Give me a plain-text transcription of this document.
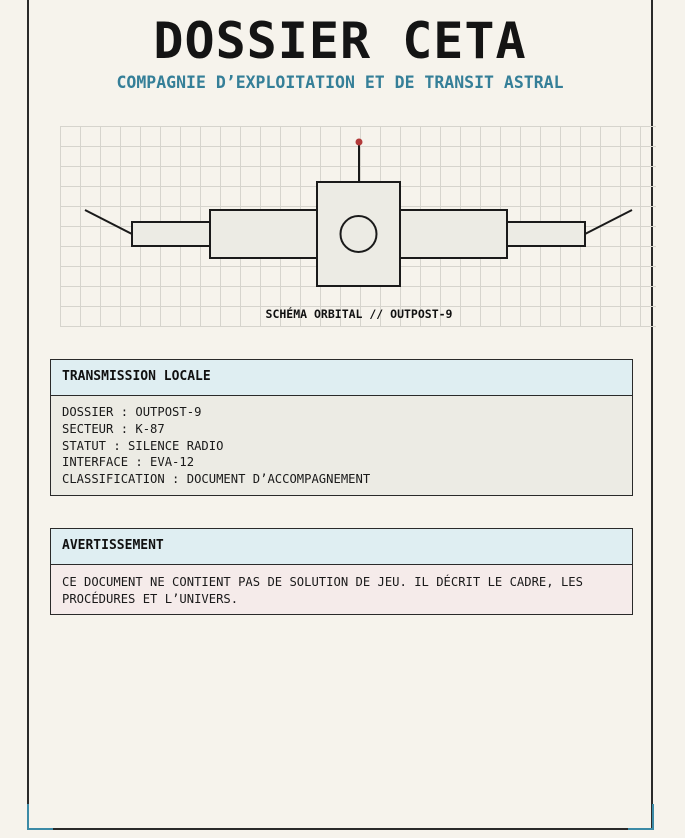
DOSSIER CETA

COMPAGNIE D’EXPLOITATION ET DE TRANSIT ASTRAL

SCHÉMA ORBITAL // OUTPOST-9
TRANSMISSION LOCALE
DOSSIER : OUTPOST-9
SECTEUR : K-87
STATUT : SILENCE RADIO
INTERFACE : EVA-12
CLASSIFICATION : DOCUMENT D’ACCOMPAGNEMENT
AVERTISSEMENT
CE DOCUMENT NE CONTIENT PAS DE SOLUTION DE JEU. IL DÉCRIT LE CADRE, LES PROCÉDURES ET L’UNIVERS.
